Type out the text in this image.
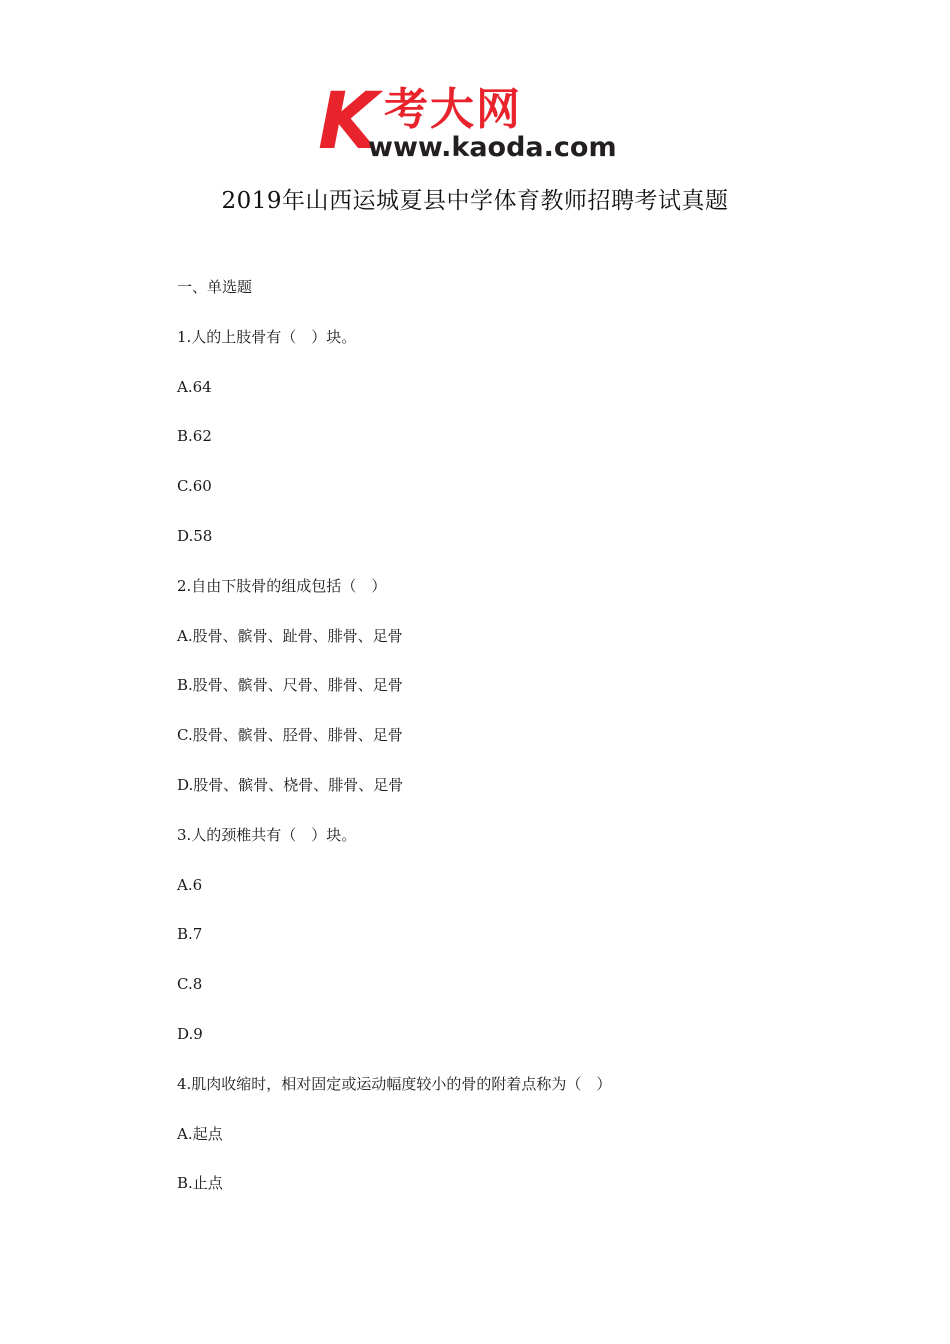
K 考大网
www.kaoda.com
2019年山西运城夏县中学体育教师招聘考试真题
一、单选题
1.人的上肢骨有（　）块。
A.64
B.62
C.60
D.58
2.自由下肢骨的组成包括（　）
A.股骨、髌骨、趾骨、腓骨、足骨
B.股骨、髌骨、尺骨、腓骨、足骨
C.股骨、髌骨、胫骨、腓骨、足骨
D.股骨、髌骨、桡骨、腓骨、足骨
3.人的颈椎共有（　）块。
A.6
B.7
C.8
D.9
4.肌肉收缩时，相对固定或运动幅度较小的骨的附着点称为（　）
A.起点
B.止点
